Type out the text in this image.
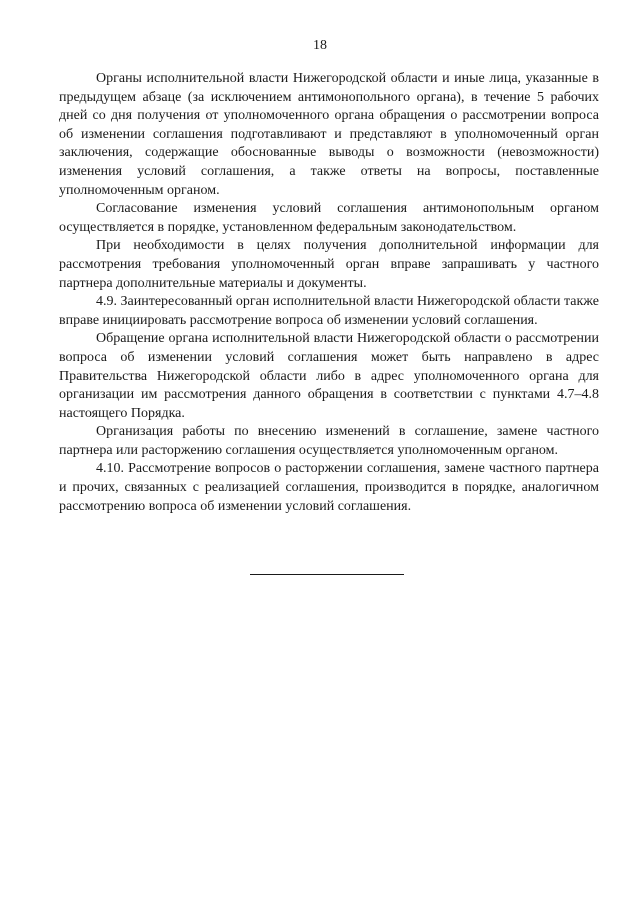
18

Органы исполнительной власти Нижегородской области и иные лица, указанные в предыдущем абзаце (за исключением антимонопольного органа), в течение 5 рабочих дней со дня получения от уполномоченного органа обращения о рассмотрении вопроса об изменении соглашения подготавливают и представляют в уполномоченный орган заключения, содержащие обоснованные выводы о возможности (невозможности) изменения условий соглашения, а также ответы на вопросы, поставленные уполномоченным органом.

Согласование изменения условий соглашения антимонопольным органом осуществляется в порядке, установленном федеральным законодательством.

При необходимости в целях получения дополнительной информации для рассмотрения требования уполномоченный орган вправе запрашивать у частного партнера дополнительные материалы и документы.

4.9. Заинтересованный орган исполнительной власти Нижегородской области также вправе инициировать рассмотрение вопроса об изменении условий соглашения.

Обращение органа исполнительной власти Нижегородской области о рассмотрении вопроса об изменении условий соглашения может быть направлено в адрес Правительства Нижегородской области либо в адрес уполномоченного органа для организации им рассмотрения данного обращения в соответствии с пунктами 4.7–4.8 настоящего Порядка.

Организация работы по внесению изменений в соглашение, замене частного партнера или расторжению соглашения осуществляется уполномоченным органом.

4.10. Рассмотрение вопросов о расторжении соглашения, замене частного партнера и прочих, связанных с реализацией соглашения, производится в порядке, аналогичном рассмотрению вопроса об изменении условий соглашения.
